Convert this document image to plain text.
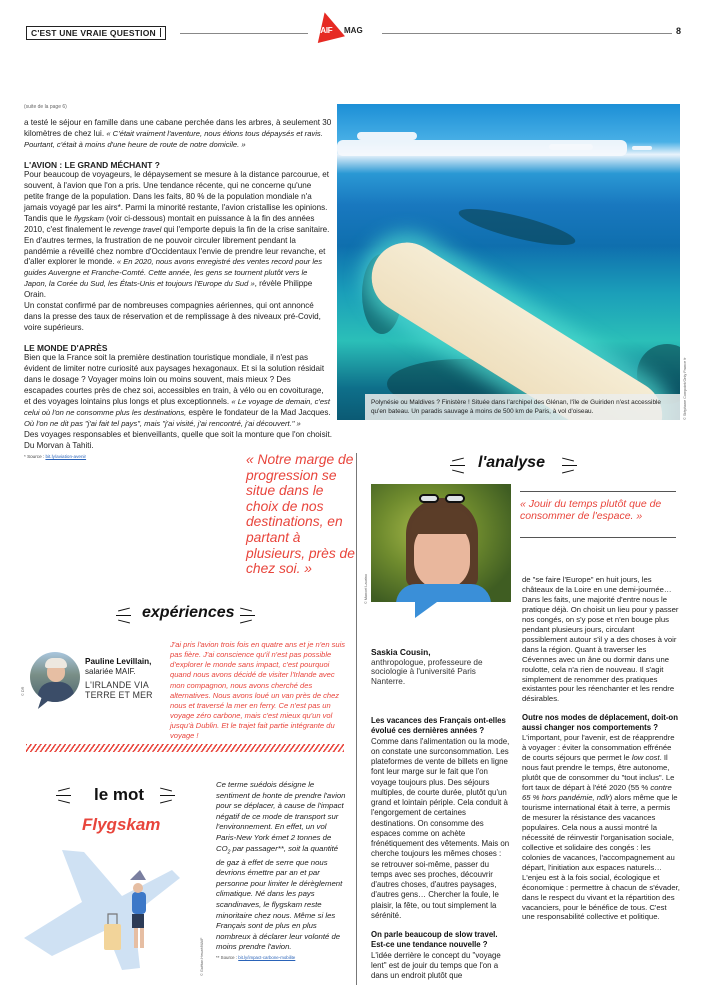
C'EST UNE VRAIE QUESTION	MAIF MAG	8
(suite de la page 6)

a testé le séjour en famille dans une cabane perchée dans les arbres, à seulement 30 kilomètres de chez lui. « C'était vraiment l'aventure, nous étions tous dépaysés et ravis. Pourtant, c'était à moins d'une heure de route de notre domicile. »

L'AVION : LE GRAND MÉCHANT ?

Pour beaucoup de voyageurs, le dépaysement se mesure à la distance parcourue, et souvent, à l'avion que l'on a pris. Une tendance récente, qui ne concerne qu'une petite frange de la population. Dans les faits, 80 % de la population mondiale n'a jamais voyagé par les airs*. Parmi la minorité restante, l'avion cristallise les opinions. Tandis que le flygskam (voir ci-dessous) montait en puissance à la fin des années 2010, c'est finalement le revenge travel qui l'emporte depuis la fin de la crise sanitaire. En d'autres termes, la frustration de ne pouvoir circuler librement pendant la pandémie a réveillé chez nombre d'Occidentaux l'envie de prendre leur revanche, et d'aller explorer le monde. « En 2020, nous avons enregistré des ventes record pour les guides Auvergne et Franche-Comté. Cette année, les gens se tournent plutôt vers le Japon, la Corée du Sud, les États-Unis et toujours l'Europe du Sud », révèle Philippe Orain.

Un constat confirmé par de nombreuses compagnies aériennes, qui ont annoncé dans la presse des taux de réservation et de remplissage à des niveaux pré-Covid, voire supérieurs.

LE MONDE D'APRÈS

Bien que la France soit la première destination touristique mondiale, il n'est pas évident de limiter notre curiosité aux paysages hexagonaux. Et si la solution résidait dans le dosage ? Voyager moins loin ou moins souvent, mais mieux ? Des escapades courtes près de chez soi, accessibles en train, à vélo ou en covoiturage, et des voyages lointains plus longs et plus exceptionnels. « Le voyage de demain, c'est celui où l'on ne consomme plus les destinations, espère le fondateur de la Mad Jacques. Où l'on ne dit pas "j'ai fait tel pays", mais "j'ai visité, j'ai rencontré, j'ai découvert." »

Des voyages responsables et bienveillants, quelle que soit la monture que l'on choisit. Du Morvan à Tahiti.

* Source : bit.ly/aviation-avenir
Polynésie ou Maldives ? Finistère ! Située dans l'archipel des Glénan, l'île de Guiriden n'est accessible qu'en bateau. Un paradis sauvage à moins de 500 km de Paris, à vol d'oiseau.	© Stéphane Compoint/Only France fr
« Notre marge de progression se situe dans le choix de nos destinations, en partant à plusieurs, près de chez soi. »
l'analyse
© Manoel Laurino
« Jouir du temps plutôt que de consommer de l'espace. »
Saskia Cousin,
anthropologue, professeure de sociologie à l'université Paris Nanterre.
Les vacances des Français ont-elles évolué ces dernières années ?

Comme dans l'alimentation ou la mode, on constate une surconsommation. Les plateformes de vente de billets en ligne font leur marge sur le fait que l'on voyage toujours plus. Des séjours multiples, de courte durée, plutôt qu'un grand et lointain périple. Cela conduit à l'engorgement de certaines destinations. On consomme des espaces comme on achète frénétiquement des vêtements. Mais on cherche toujours les mêmes choses : se retrouver soi-même, passer du temps avec ses proches, découvrir d'autres choses, d'autres paysages, d'autres gens… Chercher la foule, le plaisir, la fête, ou tout simplement la sérénité.

On parle beaucoup de slow travel. Est-ce une tendance nouvelle ?

L'idée derrière le concept du "voyage lent" est de jouir du temps que l'on a dans un endroit plutôt que

de "se faire l'Europe" en huit jours, les châteaux de la Loire en une demi-journée… Dans les faits, une majorité d'entre nous le pratique déjà. On choisit un lieu pour y passer nos congés, on s'y pose et n'en bouge plus pendant plusieurs jours, circulant possiblement autour s'il y a des choses à voir dans la région. Quant à traverser les Cévennes avec un âne ou dormir dans une roulotte, cela n'a rien de nouveau. Il s'agit simplement de renommer des pratiques existantes pour les réenchanter et les rendre désirables.

Outre nos modes de déplacement, doit-on aussi changer nos comportements ?

L'important, pour l'avenir, est de réapprendre à voyager : éviter la consommation effrénée de courts séjours que permet le low cost. Il nous faut prendre le temps, être autonome, plutôt que de consommer du "tout inclus". Le fort taux de départ à l'été 2020 (55 % contre 65 % hors pandémie, ndlr) alors même que le tourisme international était à terre, a permis de mesurer la résistance des vacances populaires. Cela nous a aussi montré la nécessité de réinvestir l'organisation sociale, collective et solidaire des congés : les colonies de vacances, l'accompagnement au départ, l'initiation aux espaces naturels… L'enjeu est à la fois social, écologique et économique : permettre à chacun de s'évader, dans le respect du vivant et la répartition des vacanciers, pour le bénéfice de tous. C'est une responsabilité collective et politique.

expériences
© DR
Pauline Levillain,
salariée MAIF.
L'IRLANDE VIA TERRE ET MER
J'ai pris l'avion trois fois en quatre ans et je n'en suis pas fière. J'ai conscience qu'il n'est pas possible d'explorer le monde sans impact, c'est pourquoi quand nous avons décidé de visiter l'Irlande avec mon compagnon, nous avons cherché des alternatives. Nous avons loué un van près de chez nous et traversé la mer en ferry. Ce n'est pas un voyage zéro carbone, mais c'est mieux qu'un vol jusqu'à Dublin. Et le trajet fait partie intégrante du voyage !
le mot
Flygskam
© Gaëtan Heuzé/MAIF
Ce terme suédois désigne le sentiment de honte de prendre l'avion pour se déplacer, à cause de l'impact négatif de ce mode de transport sur l'environnement. En effet, un vol Paris-New York émet 2 tonnes de $CO_2$ par passager**, soit la quantité de gaz à effet de serre que nous devrions émettre par an et par personne pour limiter le dérèglement climatique. Né dans les pays scandinaves, le flygskam reste minoritaire chez nous. Même si les Français sont de plus en plus nombreux à déclarer leur volonté de moins prendre l'avion.
** Source : bit.ly/impact-carbone-mobilite
